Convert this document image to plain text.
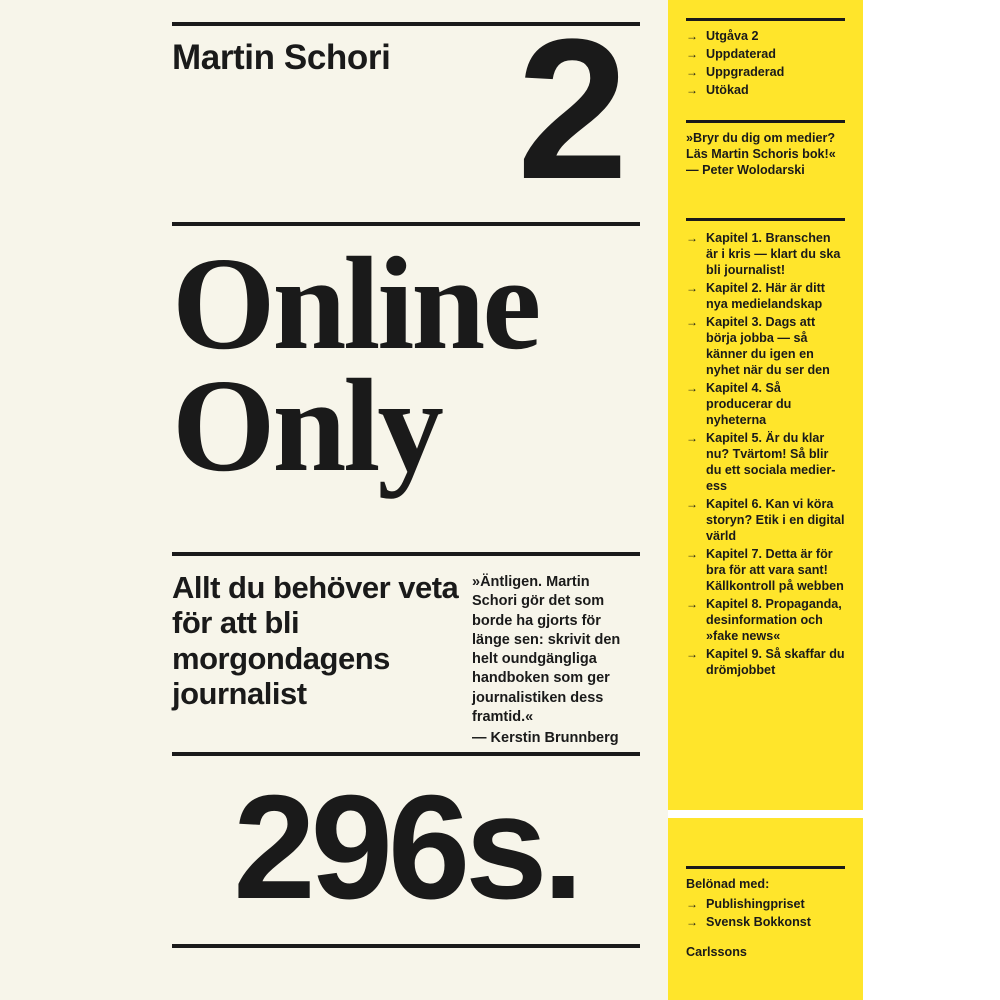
Martin Schori 2
Online
Only
Allt du behöver veta för att bli morgondagens journalist
»Äntligen. Martin Schori gör det som borde ha gjorts för länge sen: skrivit den helt oundgängliga handboken som ger journalistiken dess framtid.«
— Kerstin Brunnberg
296s.
→ Utgåva 2
→ Uppdaterad
→ Uppgraderad
→ Utökad
»Bryr du dig om medier? Läs Martin Schoris bok!«
— Peter Wolodarski
→ Kapitel 1. Branschen är i kris — klart du ska bli journalist!
→ Kapitel 2. Här är ditt nya medielandskap
→ Kapitel 3. Dags att börja jobba — så känner du igen en nyhet när du ser den
→ Kapitel 4. Så producerar du nyheterna
→ Kapitel 5. Är du klar nu? Tvärtom! Så blir du ett sociala medier-ess
→ Kapitel 6. Kan vi köra storyn? Etik i en digital värld
→ Kapitel 7. Detta är för bra för att vara sant! Källkontroll på webben
→ Kapitel 8. Propaganda, desinformation och »fake news«
→ Kapitel 9. Så skaffar du drömjobbet
Belönad med:
→ Publishingpriset
→ Svensk Bokkonst
Carlssons
